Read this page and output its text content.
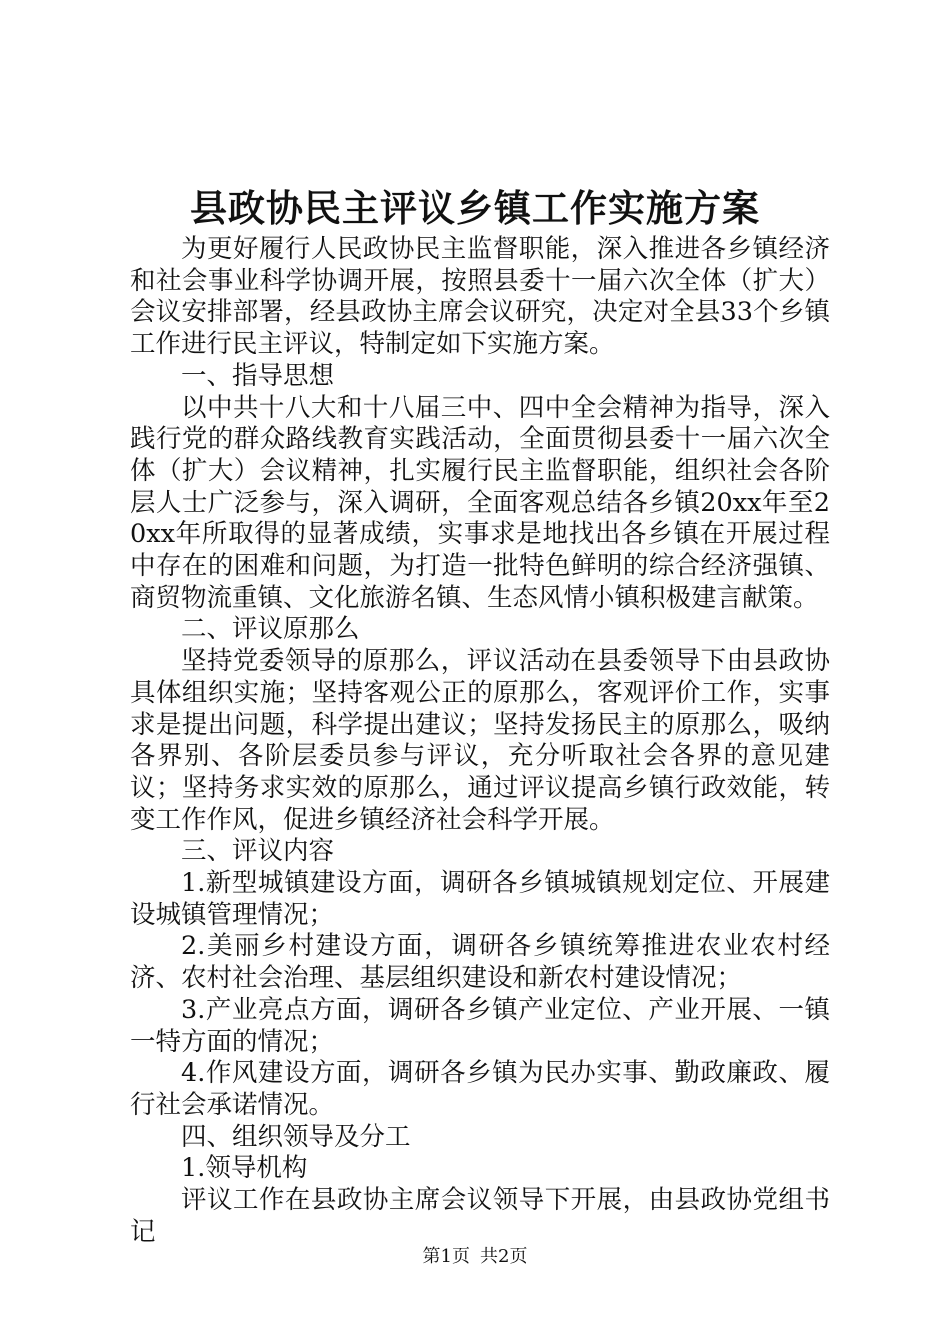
县政协民主评议乡镇工作实施方案

为更好履行人民政协民主监督职能，深入推进各乡镇经济和社会事业科学协调开展，按照县委十一届六次全体（扩大）会议安排部署，经县政协主席会议研究，决定对全县33个乡镇工作进行民主评议，特制定如下实施方案。

一、指导思想

以中共十八大和十八届三中、四中全会精神为指导，深入践行党的群众路线教育实践活动，全面贯彻县委十一届六次全体（扩大）会议精神，扎实履行民主监督职能，组织社会各阶层人士广泛参与，深入调研，全面客观总结各乡镇20xx年至20xx年所取得的显著成绩，实事求是地找出各乡镇在开展过程中存在的困难和问题，为打造一批特色鲜明的综合经济强镇、商贸物流重镇、文化旅游名镇、生态风情小镇积极建言献策。

二、评议原那么

坚持党委领导的原那么，评议活动在县委领导下由县政协具体组织实施；坚持客观公正的原那么，客观评价工作，实事求是提出问题，科学提出建议；坚持发扬民主的原那么，吸纳各界别、各阶层委员参与评议，充分听取社会各界的意见建议；坚持务求实效的原那么，通过评议提高乡镇行政效能，转变工作作风，促进乡镇经济社会科学开展。

三、评议内容

1.新型城镇建设方面，调研各乡镇城镇规划定位、开展建设城镇管理情况；

2.美丽乡村建设方面，调研各乡镇统筹推进农业农村经济、农村社会治理、基层组织建设和新农村建设情况；

3.产业亮点方面，调研各乡镇产业定位、产业开展、一镇一特方面的情况；

4.作风建设方面，调研各乡镇为民办实事、勤政廉政、履行社会承诺情况。

四、组织领导及分工

1.领导机构

评议工作在县政协主席会议领导下开展，由县政协党组书记

第1页 共2页
